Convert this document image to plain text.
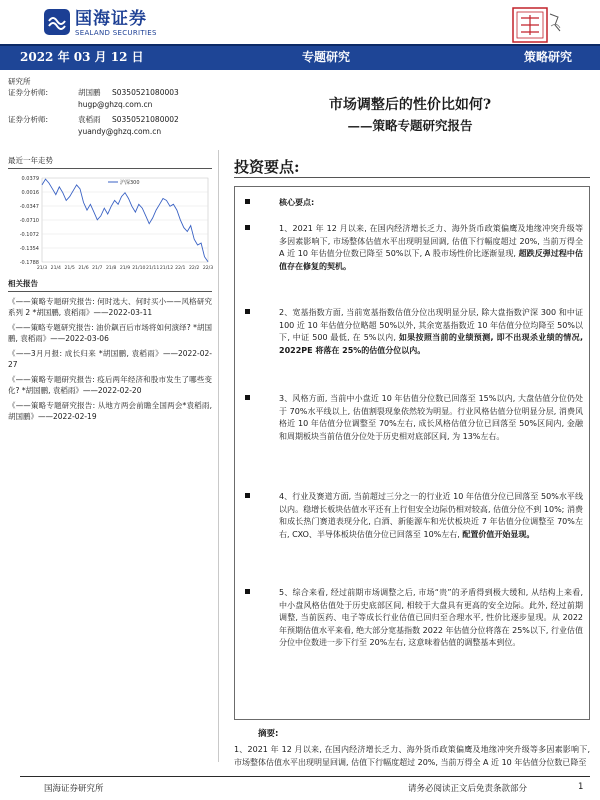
国海证券
SEALAND SECURITIES
2022 年 03 月 12 日	专题研究	策略研究
研究所
证券分析师:	胡国鹏 S0350521080003
hugp@ghzq.com.cn
证券分析师:	袁稻雨 S0350521080002
yuandy@ghzq.com.cn
最近一年走势
0.0379
0.0016
-0.0347
-0.0710
-0.1072
-0.1354
-0.1788
21/3 21/4 21/5 21/6 21/7 21/8 21/9 21/10 21/11 21/12 22/1 22/2 22/3
沪深300
相关报告
《——策略专题研究报告: 何时选大、何时买小——风格研究系列 2 *胡国鹏, 袁稻雨》——2022-03-11
《——策略专题研究报告: 油价飙百后市场将如何演绎? *胡国鹏, 袁稻雨》——2022-03-06
《——3月月报: 成长归来 *胡国鹏, 袁稻雨》——2022-02-27
《——策略专题研究报告: 疫后两年经济和股市发生了哪些变化? *胡国鹏, 袁稻雨》——2022-02-20
《——策略专题研究报告: 从地方两会前瞻全国两会*袁稻雨, 胡国鹏》——2022-02-19
市场调整后的性价比如何?
——策略专题研究报告
投资要点:
核心要点:
1、2021 年 12 月以来, 在国内经济增长乏力、海外货币政策偏鹰及地缘冲突升级等多因素影响下, 市场整体估值水平出现明显回调, 估值下行幅度超过 20%, 当前万得全 A 近 10 年估值分位数已降至 50%以下, A 股市场性价比逐渐显现, 超跌反弹过程中估值存在修复的契机。
2、宽基指数方面, 当前宽基指数估值分位出现明显分层, 除大盘指数沪深 300 和中证 100 近 10 年估值分位略超 50%以外, 其余宽基指数近 10 年估值分位均降至 50%以下, 中证 500 最低, 在 5%以内, 如果按照当前的业绩预测, 即不出现杀业绩的情况, 2022PE 将落在 25%的估值分位以内。
3、风格方面, 当前中小盘近 10 年估值分位数已回落至 15%以内, 大盘估值分位仍处于 70%水平线以上, 估值割裂现象依然较为明显。行业风格估值分位明显分层, 消费风格近 10 年估值分位调整至 70%左右, 成长风格估值分位已回落至 50%区间内, 金融和周期板块当前估值分位处于历史相对底部区间, 为 13%左右。
4、行业及赛道方面, 当前超过三分之一的行业近 10 年估值分位已回落至 50%水平线以内。稳增长板块估值水平还有上行但安全边际仍相对较高, 估值分位不到 10%; 消费和成长热门赛道表现分化, 白酒、新能源车和光伏板块近 7 年估值分位调整至 70%左右, CXO、半导体板块估值分位已回落至 10%左右, 配置价值开始显现。
5、综合来看, 经过前期市场调整之后, 市场“贵”的矛盾得到极大缓和, 从结构上来看, 中小盘风格估值处于历史底部区间, 相较于大盘具有更高的安全边际。此外, 经过前期调整, 当前医药、电子等成长行业估值已回归至合理水平, 性价比逐步显现。从 2022 年预期估值水平来看, 绝大部分宽基指数 2022 年估值分位将落在 25%以下, 行业估值分位中位数进一步下行至 20%左右, 这意味着估值的调整基本到位。
摘要:
1、2021 年 12 月以来, 在国内经济增长乏力、海外货币政策偏鹰及地缘冲突升级等多因素影响下, 市场整体估值水平出现明显回调, 估值下行幅度超过 20%, 当前万得全 A 近 10 年估值分位数已降至
国海证券研究所	请务必阅读正文后免责条款部分	1
